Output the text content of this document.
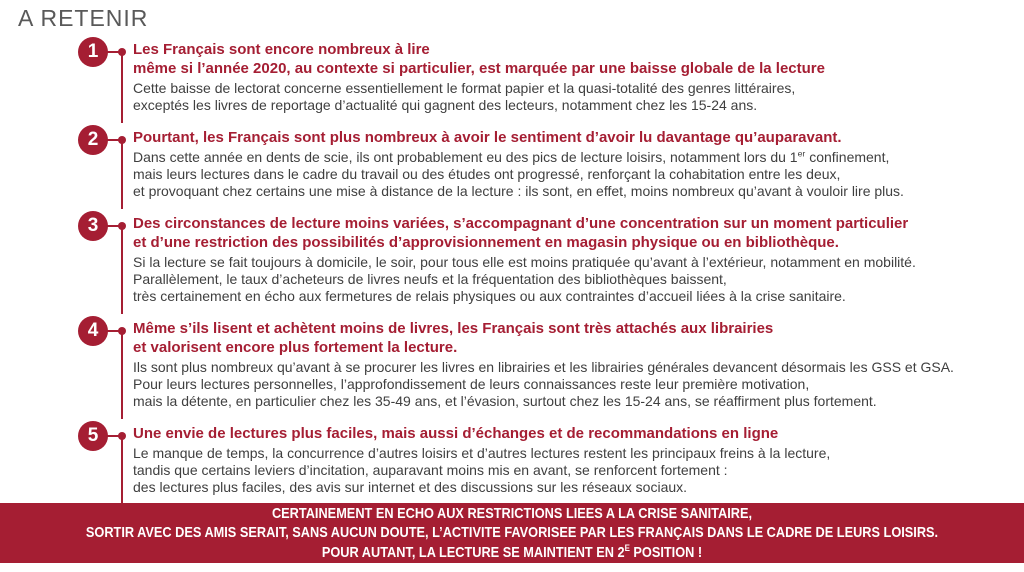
A RETENIR
1	Les Français sont encore nombreux à lire
même si l’année 2020, au contexte si particulier, est marquée par une baisse globale de la lecture
Cette baisse de lectorat concerne essentiellement le format papier et la quasi-totalité des genres littéraires,
exceptés les livres de reportage d’actualité qui gagnent des lecteurs, notamment chez les 15-24 ans.
2	Pourtant, les Français sont plus nombreux à avoir le sentiment d’avoir lu davantage qu’auparavant.
Dans cette année en dents de scie, ils ont probablement eu des pics de lecture loisirs, notamment lors du 1er confinement,
mais leurs lectures dans le cadre du travail ou des études ont progressé, renforçant la cohabitation entre les deux,
et provoquant chez certains une mise à distance de la lecture : ils sont, en effet, moins nombreux qu’avant à vouloir lire plus.
3	Des circonstances de lecture moins variées, s’accompagnant d’une concentration sur un moment particulier
et d’une restriction des possibilités d’approvisionnement en magasin physique ou en bibliothèque.
Si la lecture se fait toujours à domicile, le soir, pour tous elle est moins pratiquée qu’avant à l’extérieur, notamment en mobilité.
Parallèlement, le taux d’acheteurs de livres neufs et la fréquentation des bibliothèques baissent,
très certainement en écho aux fermetures de relais physiques ou aux contraintes d’accueil liées à la crise sanitaire.
4	Même s’ils lisent et achètent moins de livres, les Français sont très attachés aux librairies
et valorisent encore plus fortement la lecture.
Ils sont plus nombreux qu’avant à se procurer les livres en librairies et les librairies générales devancent désormais les GSS et GSA.
Pour leurs lectures personnelles, l’approfondissement de leurs connaissances reste leur première motivation,
mais la détente, en particulier chez les 35-49 ans, et l’évasion, surtout chez les 15-24 ans, se réaffirment plus fortement.
5	Une envie de lectures plus faciles, mais aussi d’échanges et de recommandations en ligne
Le manque de temps, la concurrence d’autres loisirs et d’autres lectures restent les principaux freins à la lecture,
tandis que certains leviers d’incitation, auparavant moins mis en avant, se renforcent fortement :
des lectures plus faciles, des avis sur internet et des discussions sur les réseaux sociaux.
CERTAINEMENT EN ECHO AUX RESTRICTIONS LIEES A LA CRISE SANITAIRE,
SORTIR AVEC DES AMIS SERAIT, SANS AUCUN DOUTE, L’ACTIVITE FAVORISEE PAR LES FRANÇAIS DANS LE CADRE DE LEURS LOISIRS.
POUR AUTANT, LA LECTURE SE MAINTIENT EN $2^E$ POSITION !
